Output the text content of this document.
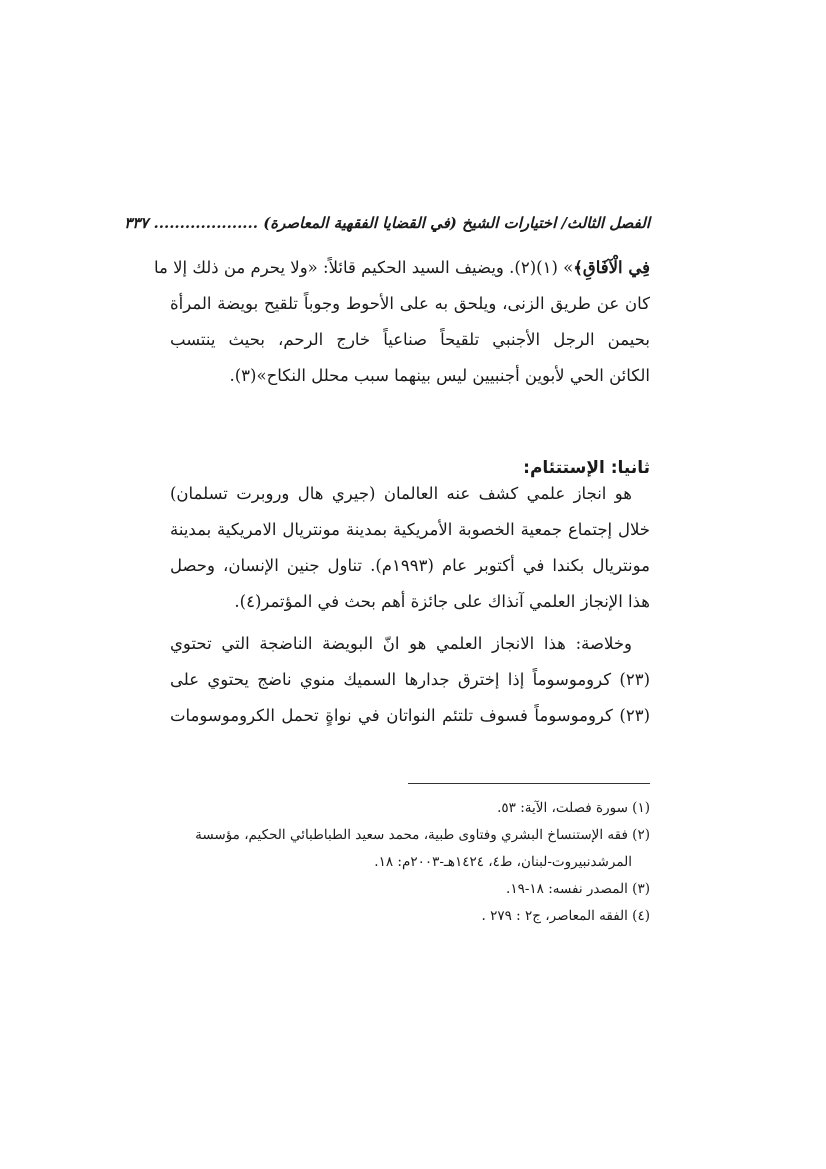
الفصل الثالث/ اختيارات الشيخ (في القضايا الفقهية المعاصرة) .................... ٣٣٧
فِي الْآفَاقِ﴾» (١)(٢). ويضيف السيد الحكيم قائلاً: «ولا يحرم من ذلك إلا ما
كان عن طريق الزنى، ويلحق به على الأحوط وجوباً تلقيح بويضة المرأة
بحيمن الرجل الأجنبي تلقيحاً صناعياً خارج الرحم، بحيث ينتسب
الكائن الحي لأبوين أجنبيين ليس بينهما سبب محلل النكاح»(٣).
ثانيا: الإستتئام:
هو انجاز علمي كشف عنه العالمان (جيري هال وروبرت تسلمان)
خلال إجتماع جمعية الخصوبة الأمريكية بمدينة مونتريال الامريكية بمدينة
مونتريال بكندا في أكتوبر عام (١٩٩٣م). تناول جنين الإنسان، وحصل
هذا الإنجاز العلمي آنذاك على جائزة أهم بحث في المؤتمر(٤).
وخلاصة: هذا الانجاز العلمي هو انّ البويضة الناضجة التي تحتوي
(٢٣) كروموسوماً إذا إخترق جدارها السميك منوي ناضج يحتوي على
(٢٣) كروموسوماً فسوف تلتئم النواتان في نواةٍ تحمل الكروموسومات
(١) سورة فصلت، الآية: ٥٣.
(٢) فقه الإستنساخ البشري وفتاوى طبية، محمد سعيد الطباطبائي الحكيم، مؤسسة
المرشدنبيروت-لبنان، ط٤، ١٤٢٤هـ-٢٠٠٣م: ١٨.
(٣) المصدر نفسه: ١٨-١٩.
(٤) الفقه المعاصر، ج٢ : ٢٧٩ .
